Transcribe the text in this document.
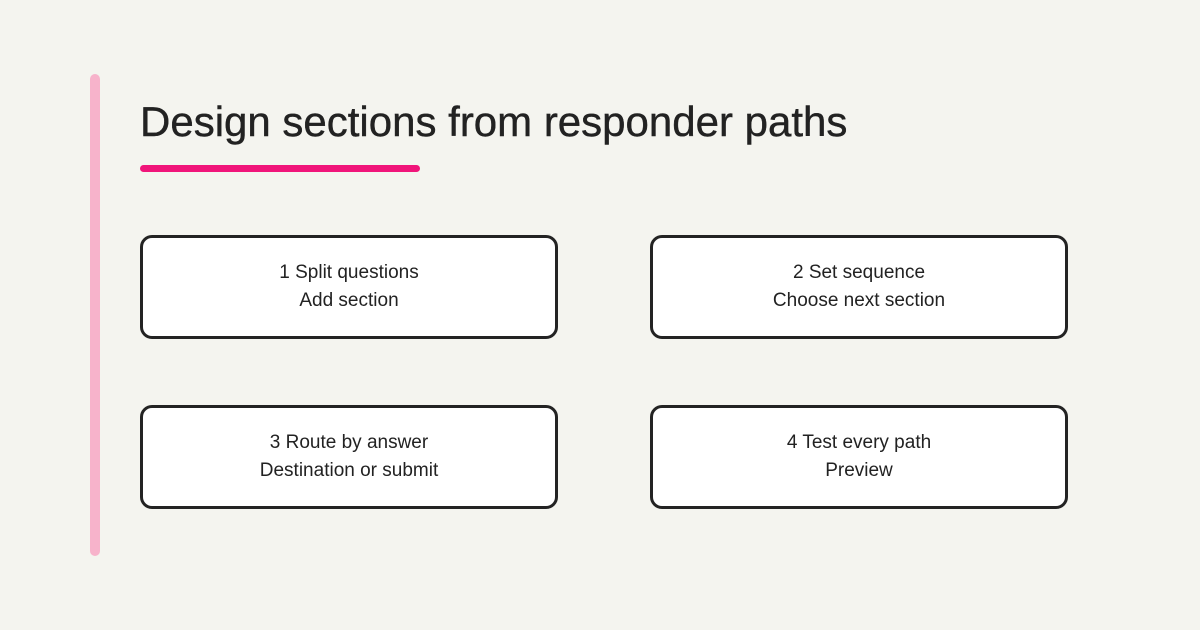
Design sections from responder paths
1 Split questions
Add section
2 Set sequence
Choose next section
3 Route by answer
Destination or submit
4 Test every path
Preview
